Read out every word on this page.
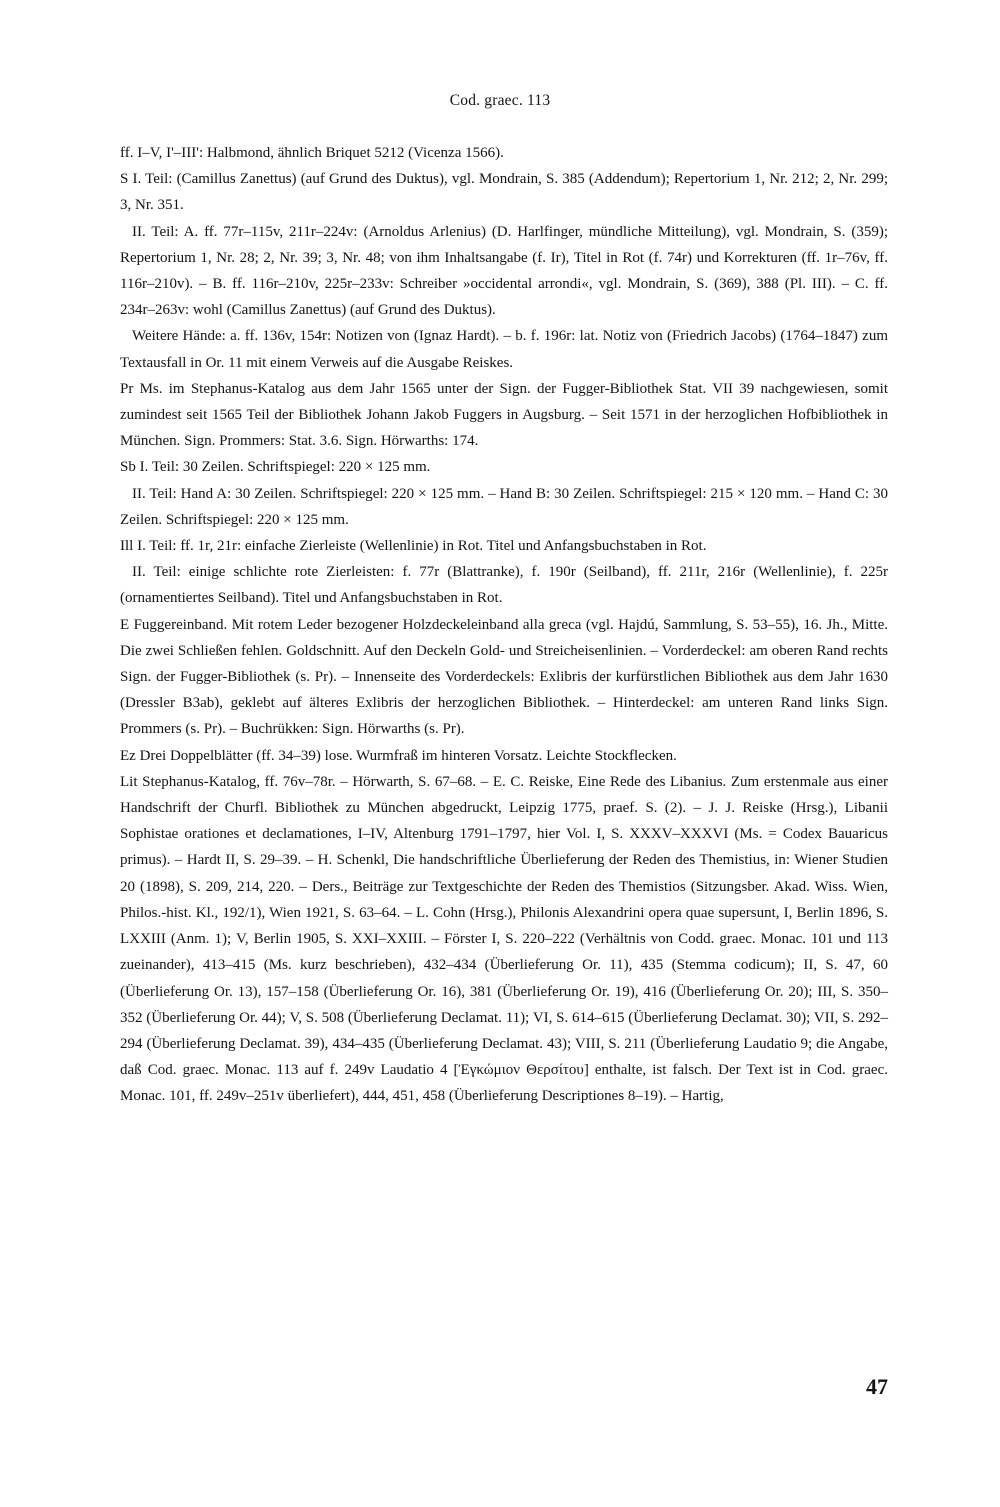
Cod. graec. 113

ff. I–V, I'–III': Halbmond, ähnlich Briquet 5212 (Vicenza 1566).

S I. Teil: (Camillus Zanettus) (auf Grund des Duktus), vgl. Mondrain, S. 385 (Addendum); Repertorium 1, Nr. 212; 2, Nr. 299; 3, Nr. 351.

II. Teil: A. ff. 77r–115v, 211r–224v: (Arnoldus Arlenius) (D. Harlfinger, mündliche Mitteilung), vgl. Mondrain, S. (359); Repertorium 1, Nr. 28; 2, Nr. 39; 3, Nr. 48; von ihm Inhaltsangabe (f. Ir), Titel in Rot (f. 74r) und Korrekturen (ff. 1r–76v, ff. 116r–210v). – B. ff. 116r–210v, 225r–233v: Schreiber »occidental arrondi«, vgl. Mondrain, S. (369), 388 (Pl. III). – C. ff. 234r–263v: wohl (Camillus Zanettus) (auf Grund des Duktus).

Weitere Hände: a. ff. 136v, 154r: Notizen von (Ignaz Hardt). – b. f. 196r: lat. Notiz von (Friedrich Jacobs) (1764–1847) zum Textausfall in Or. 11 mit einem Verweis auf die Ausgabe Reiskes.

Pr Ms. im Stephanus-Katalog aus dem Jahr 1565 unter der Sign. der Fugger-Bibliothek Stat. VII 39 nachgewiesen, somit zumindest seit 1565 Teil der Bibliothek Johann Jakob Fuggers in Augsburg. – Seit 1571 in der herzoglichen Hofbibliothek in München. Sign. Prommers: Stat. 3.6. Sign. Hörwarths: 174.

Sb I. Teil: 30 Zeilen. Schriftspiegel: 220 × 125 mm.

II. Teil: Hand A: 30 Zeilen. Schriftspiegel: 220 × 125 mm. – Hand B: 30 Zeilen. Schriftspiegel: 215 × 120 mm. – Hand C: 30 Zeilen. Schriftspiegel: 220 × 125 mm.

Ill I. Teil: ff. 1r, 21r: einfache Zierleiste (Wellenlinie) in Rot. Titel und Anfangsbuchstaben in Rot.

II. Teil: einige schlichte rote Zierleisten: f. 77r (Blattranke), f. 190r (Seilband), ff. 211r, 216r (Wellenlinie), f. 225r (ornamentiertes Seilband). Titel und Anfangsbuchstaben in Rot.

E Fuggereinband. Mit rotem Leder bezogener Holzdeckeleinband alla greca (vgl. Hajdú, Sammlung, S. 53–55), 16. Jh., Mitte. Die zwei Schließen fehlen. Goldschnitt. Auf den Deckeln Gold- und Streicheisenlinien. – Vorderdeckel: am oberen Rand rechts Sign. der Fugger-Bibliothek (s. Pr). – Innenseite des Vorderdeckels: Exlibris der kurfürstlichen Bibliothek aus dem Jahr 1630 (Dressler B3ab), geklebt auf älteres Exlibris der herzoglichen Bibliothek. – Hinterdeckel: am unteren Rand links Sign. Prommers (s. Pr). – Buchrükken: Sign. Hörwarths (s. Pr).

Ez Drei Doppelblätter (ff. 34–39) lose. Wurmfraß im hinteren Vorsatz. Leichte Stockflecken.

Lit Stephanus-Katalog, ff. 76v–78r. – Hörwarth, S. 67–68. – E. C. Reiske, Eine Rede des Libanius. Zum erstenmale aus einer Handschrift der Churfl. Bibliothek zu München abgedruckt, Leipzig 1775, praef. S. (2). – J. J. Reiske (Hrsg.), Libanii Sophistae orationes et declamationes, I–IV, Altenburg 1791–1797, hier Vol. I, S. XXXV–XXXVI (Ms. = Codex Bauaricus primus). – Hardt II, S. 29–39. – H. Schenkl, Die handschriftliche Überlieferung der Reden des Themistius, in: Wiener Studien 20 (1898), S. 209, 214, 220. – Ders., Beiträge zur Textgeschichte der Reden des Themistios (Sitzungsber. Akad. Wiss. Wien, Philos.-hist. Kl., 192/1), Wien 1921, S. 63–64. – L. Cohn (Hrsg.), Philonis Alexandrini opera quae supersunt, I, Berlin 1896, S. LXXIII (Anm. 1); V, Berlin 1905, S. XXI–XXIII. – Förster I, S. 220–222 (Verhältnis von Codd. graec. Monac. 101 und 113 zueinander), 413–415 (Ms. kurz beschrieben), 432–434 (Überlieferung Or. 11), 435 (Stemma codicum); II, S. 47, 60 (Überlieferung Or. 13), 157–158 (Überlieferung Or. 16), 381 (Überlieferung Or. 19), 416 (Überlieferung Or. 20); III, S. 350–352 (Überlieferung Or. 44); V, S. 508 (Überlieferung Declamat. 11); VI, S. 614–615 (Überlieferung Declamat. 30); VII, S. 292–294 (Überlieferung Declamat. 39), 434–435 (Überlieferung Declamat. 43); VIII, S. 211 (Überlieferung Laudatio 9; die Angabe, daß Cod. graec. Monac. 113 auf f. 249v Laudatio 4 [Ἐγκώμιον Θερσίτου] enthalte, ist falsch. Der Text ist in Cod. graec. Monac. 101, ff. 249v–251v überliefert), 444, 451, 458 (Überlieferung Descriptiones 8–19). – Hartig,

47
